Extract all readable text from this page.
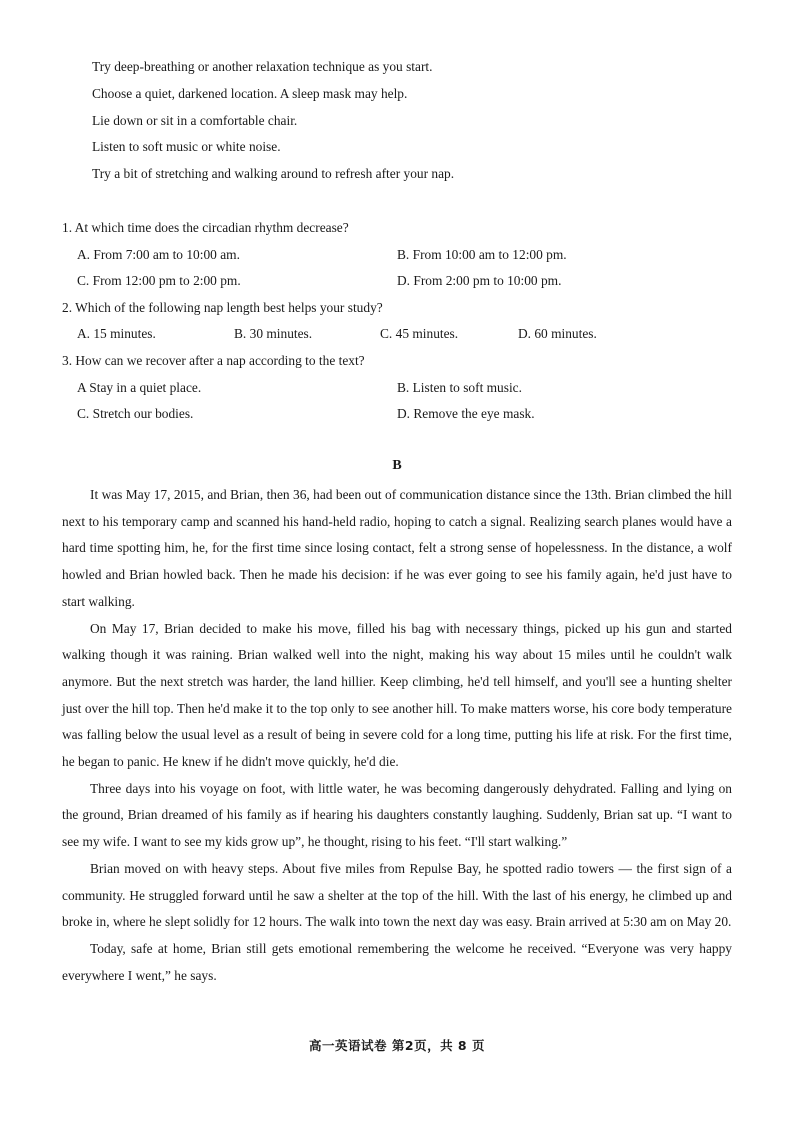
Try deep-breathing or another relaxation technique as you start.
Choose a quiet, darkened location. A sleep mask may help.
Lie down or sit in a comfortable chair.
Listen to soft music or white noise.
Try a bit of stretching and walking around to refresh after your nap.
1. At which time does the circadian rhythm decrease?
A. From 7:00 am to 10:00 am.	B. From 10:00 am to 12:00 pm.
C. From 12:00 pm to 2:00 pm.	D. From 2:00 pm to 10:00 pm.
2. Which of the following nap length best helps your study?
A. 15 minutes.	B. 30 minutes.	C. 45 minutes.	D. 60 minutes.
3. How can we recover after a nap according to the text?
A Stay in a quiet place.	B. Listen to soft music.
C. Stretch our bodies.	D. Remove the eye mask.
B

It was May 17, 2015, and Brian, then 36, had been out of communication distance since the 13th. Brian climbed the hill next to his temporary camp and scanned his hand-held radio, hoping to catch a signal. Realizing search planes would have a hard time spotting him, he, for the first time since losing contact, felt a strong sense of hopelessness. In the distance, a wolf howled and Brian howled back. Then he made his decision: if he was ever going to see his family again, he'd just have to start walking.

On May 17, Brian decided to make his move, filled his bag with necessary things, picked up his gun and started walking though it was raining. Brian walked well into the night, making his way about 15 miles until he couldn't walk anymore. But the next stretch was harder, the land hillier. Keep climbing, he'd tell himself, and you'll see a hunting shelter just over the hill top. Then he'd make it to the top only to see another hill. To make matters worse, his core body temperature was falling below the usual level as a result of being in severe cold for a long time, putting his life at risk. For the first time, he began to panic. He knew if he didn't move quickly, he'd die.

Three days into his voyage on foot, with little water, he was becoming dangerously dehydrated. Falling and lying on the ground, Brian dreamed of his family as if hearing his daughters constantly laughing. Suddenly, Brian sat up. “I want to see my wife. I want to see my kids grow up”, he thought, rising to his feet. “I'll start walking.”

Brian moved on with heavy steps. About five miles from Repulse Bay, he spotted radio towers — the first sign of a community. He struggled forward until he saw a shelter at the top of the hill. With the last of his energy, he climbed up and broke in, where he slept solidly for 12 hours. The walk into town the next day was easy. Brain arrived at 5:30 am on May 20.

Today, safe at home, Brian still gets emotional remembering the welcome he received. “Everyone was very happy everywhere I went,” he says.

高一英语试卷 第2页，共 8 页
